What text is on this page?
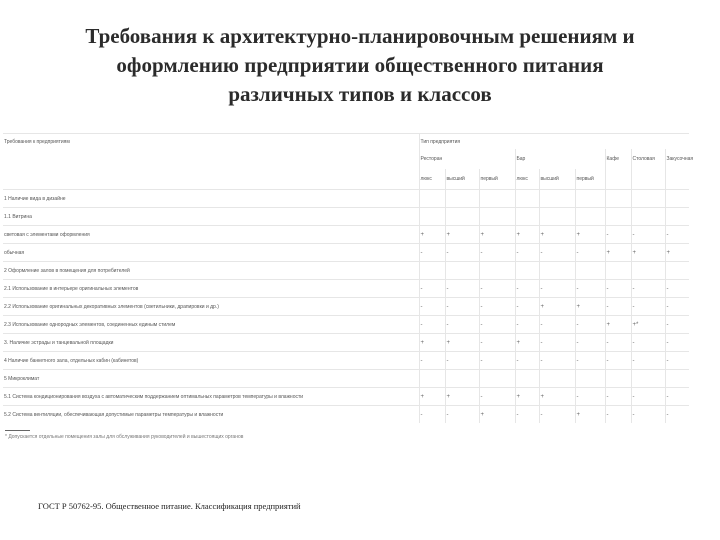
Требования к архитектурно-планировочным решениям и
оформлению предприятии общественного питания
различных типов и классов
Требования к предприятиям	Тип предприятия								
	Ресторан			Бар			Кафе	Столовая	Закусочная
	люкс	высший	первый	люкс	высший	первый			
1 Наличие вида в дизайне									
1.1 Витрина									
световая с элементами оформления	+	+	+	+	+	+	-	-	-
обычная	-	-	-	-	-	-	+	+	+
2 Оформление залов в помещения для потребителей									
2.1 Использование в интерьере оригинальных элементов	-	-	-	-	-	-	-	-	-
2.2 Использование оригинальных декоративных элементов (светильники, драпировки и др.)	-	-	-	-	+	+	-	-	-
2.3 Использование однородных элементов, соединенных единым стилем	-	-	-	-	-	-	+	+*	-
3. Наличие эстрады и танцевальной площадки	+	+	-	+	-	-	-	-	-
4 Наличие банкетного зала, отдельных кабин (кабинетов)	-	-	-	-	-	-	-	-	-
5 Микроклимат									
5.1 Система кондиционирования воздуха с автоматическим поддержанием оптимальных параметров температуры и влажности	+	+	-	+	+	-	-	-	-
5.2 Система вентиляции, обеспечивающая допустимые параметры температуры и влажности	-	-	+	-	-	+	-	-	-
* Допускается отдельные помещения залы для обслуживания руководителей и вышестоящих органов
ГОСТ Р 50762-95. Общественное питание. Классификация предприятий
